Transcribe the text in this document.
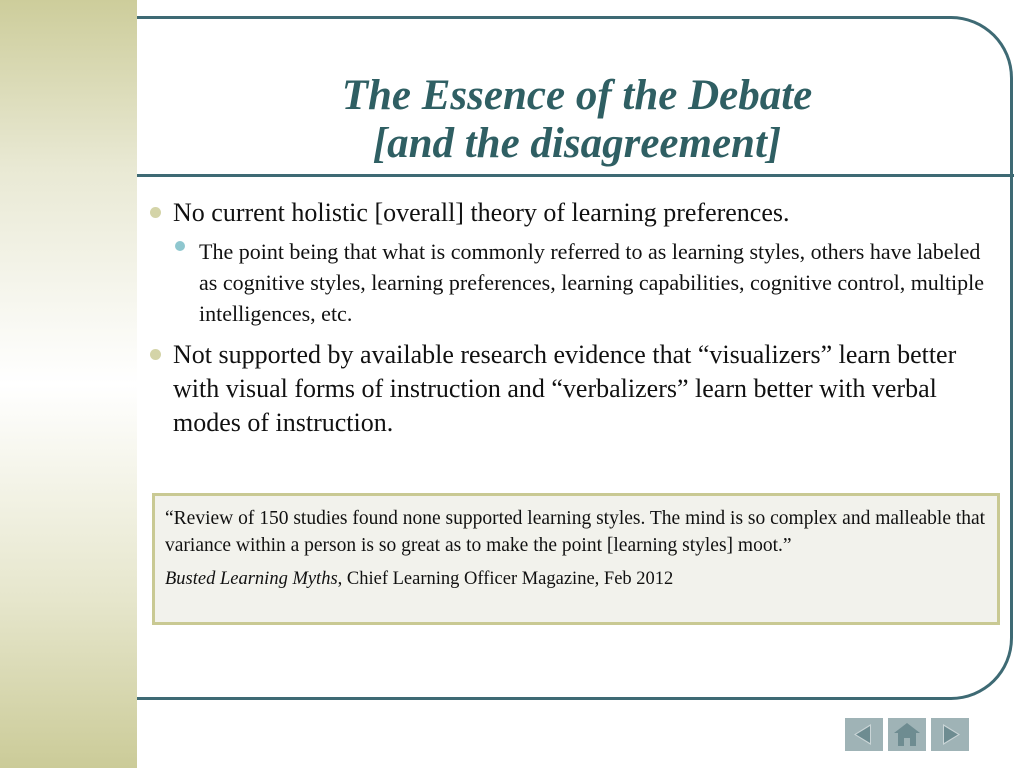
The Essence of the Debate
[and the disagreement]
No current holistic [overall] theory of learning preferences.
The point being that what is commonly referred to as learning styles, others have labeled as cognitive styles, learning preferences, learning capabilities, cognitive control, multiple intelligences, etc.
Not supported by available research evidence that “visualizers” learn better with visual forms of instruction and “verbalizers” learn better with verbal modes of instruction.
“Review of 150 studies found none supported learning styles. The mind is so complex and malleable that variance within a person is so great as to make the point [learning styles] moot.”
Busted Learning Myths, Chief Learning Officer Magazine, Feb 2012
